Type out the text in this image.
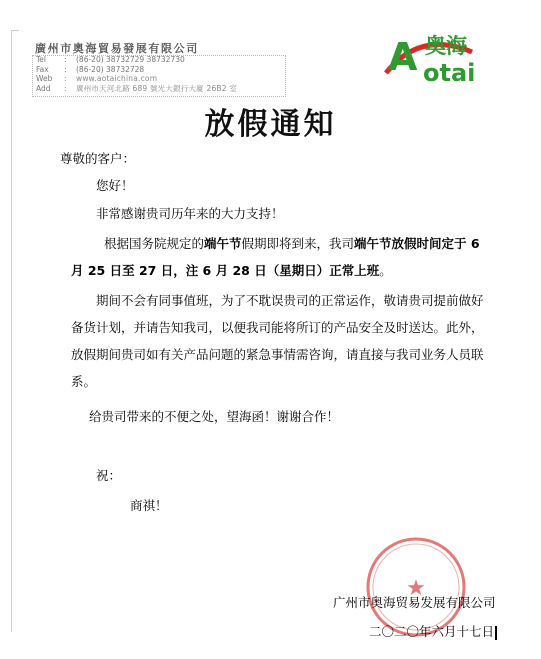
廣州市奧海貿易發展有限公司
Tel	:	(86-20) 38732729 38732730
Fax	:	(86-20) 38732728
Web	:	www.aotaichina.com
Add	:	廣州市天河北路 689 號光大銀行大廈 26B2 室
A 奥海
otai
放假通知
尊敬的客户：
您好！
非常感谢贵司历年来的大力支持！
根据国务院规定的端午节假期即将到来，我司端午节放假时间定于 6
月 25 日至 27 日，注 6 月 28 日（星期日）正常上班。
期间不会有同事值班，为了不耽误贵司的正常运作，敬请贵司提前做好
备货计划，并请告知我司，以便我司能将所订的产品安全及时送达。此外，
放假期间贵司如有关产品问题的紧急事情需咨询，请直接与我司业务人员联
系。
给贵司带来的不便之处，望海函！谢谢合作！
祝：
商祺！
★
广州市奥海贸易发展有限公司
二〇二〇年六月十七日
